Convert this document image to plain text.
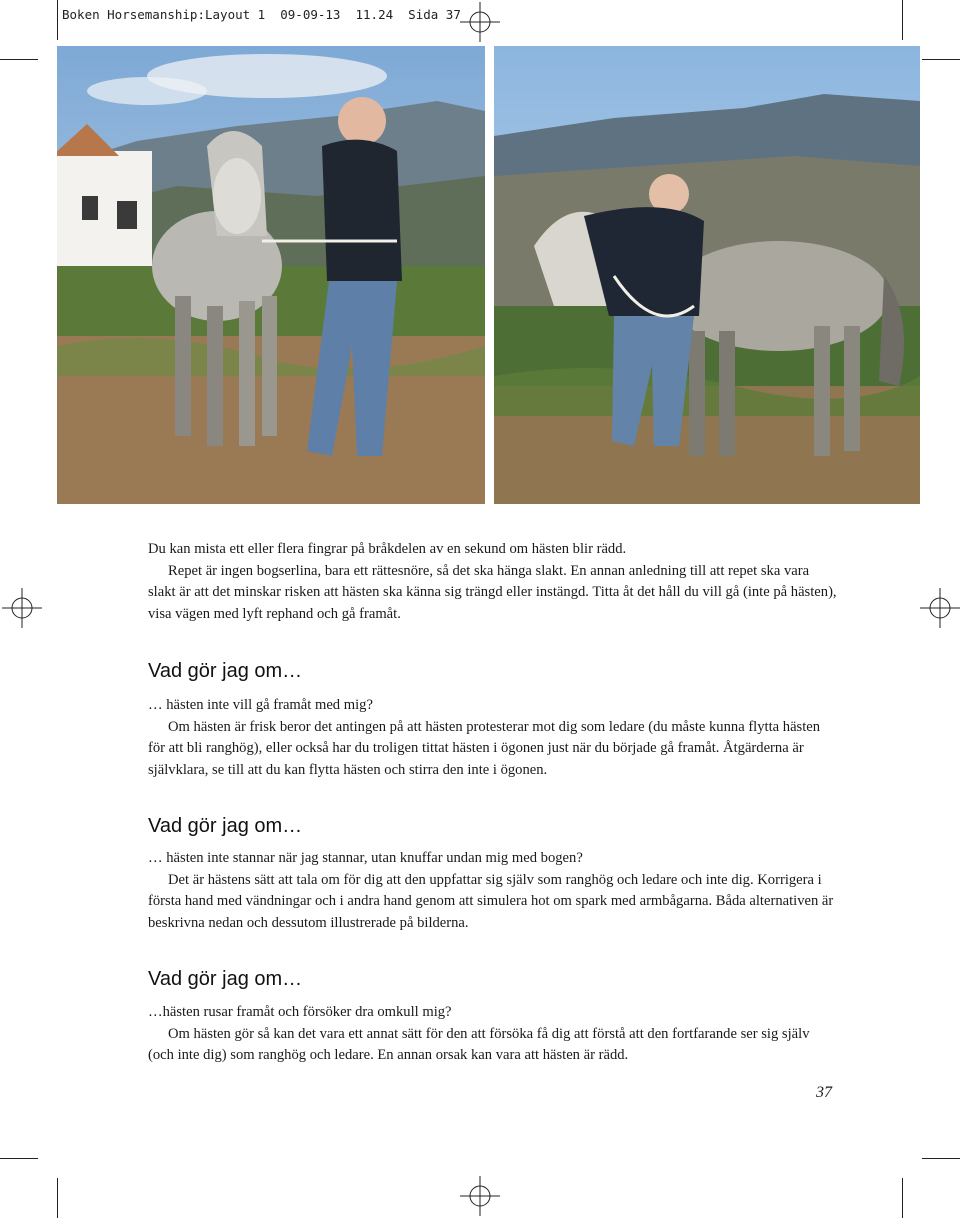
Boken Horsemanship:Layout 1  09-09-13  11.24  Sida 37

Du kan mista ett eller flera fingrar på bråkdelen av en sekund om hästen blir rädd.

Repet är ingen bogserlina, bara ett rättesnöre, så det ska hänga slakt. En annan anledning till att repet ska vara slakt är att det minskar risken att hästen ska känna sig trängd eller instängd. Titta åt det håll du vill gå (inte på hästen), visa vägen med lyft rephand och gå framåt.

Vad gör jag om…

… hästen inte vill gå framåt med mig?

Om hästen är frisk beror det antingen på att hästen protesterar mot dig som ledare (du måste kunna flytta hästen för att bli ranghög), eller också har du troligen tittat hästen i ögonen just när du började gå framåt. Åtgärderna är självklara, se till att du kan flytta hästen och stirra den inte i ögonen.

Vad gör jag om…

… hästen inte stannar när jag stannar, utan knuffar undan mig med bogen?

Det är hästens sätt att tala om för dig att den uppfattar sig själv som ranghög och ledare och inte dig. Korrigera i första hand med vändningar och i andra hand genom att simulera hot om spark med armbågarna. Båda alternativen är beskrivna nedan och dessutom illustrerade på bilderna.

Vad gör jag om…

…hästen rusar framåt och försöker dra omkull mig?

Om hästen gör så kan det vara ett annat sätt för den att försöka få dig att förstå att den fortfarande ser sig själv (och inte dig) som ranghög och ledare. En annan orsak kan vara att hästen är rädd.

37
